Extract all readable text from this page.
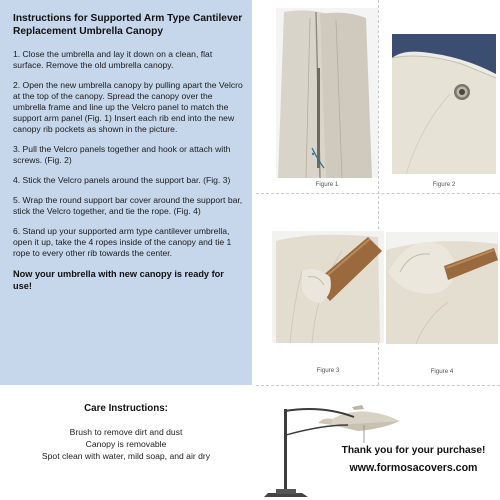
Instructions for Supported Arm Type Cantilever Replacement Umbrella Canopy
1. Close the umbrella and lay it down on a clean, flat surface. Remove the old umbrella canopy.
2. Open the new umbrella canopy by pulling apart the Velcro at the top of the canopy. Spread the canopy over the umbrella frame and line up the Velcro panel to match the support arm panel (Fig. 1) Insert each rib end into the new canopy rib pockets as shown in the picture.
3. Pull the Velcro panels together and hook or attach with screws. (Fig. 2)
4. Stick the Velcro panels around the support bar. (Fig. 3)
5. Wrap the round support bar cover around the support bar, stick the Velcro together, and tie the rope. (Fig. 4)
6. Stand up your supported arm type cantilever umbrella, open it up, take the 4 ropes inside of the canopy and tie 1 rope to every other rib towards the center.
Now your umbrella with new canopy is ready for use!
Figure 1	Figure 2
Figure 3	Figure 4
Care Instructions:
Brush to remove dirt and dust
Canopy is removable
Spot clean with water, mild soap, and air dry	Thank you for your purchase!
www.formosacovers.com
